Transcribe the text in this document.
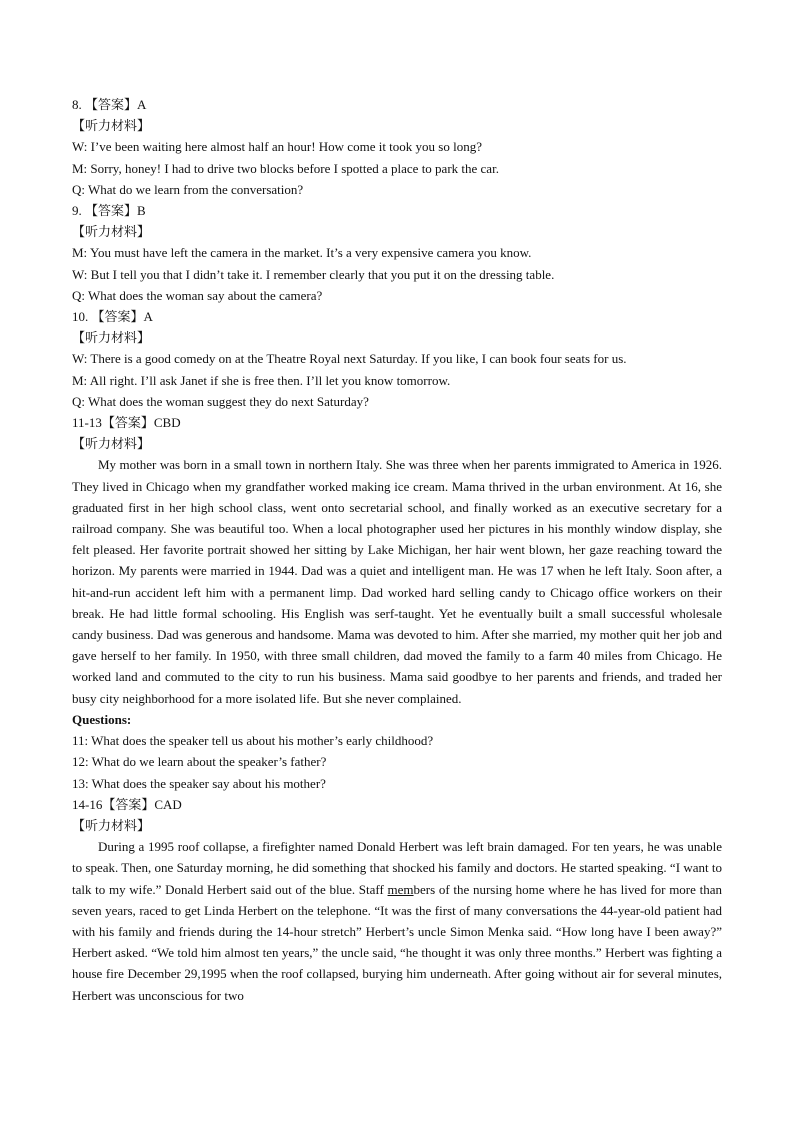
8. 【答案】A
【听力材料】
W: I’ve been waiting here almost half an hour! How come it took you so long?
M: Sorry, honey! I had to drive two blocks before I spotted a place to park the car.
Q: What do we learn from the conversation?
9. 【答案】B
【听力材料】
M: You must have left the camera in the market. It’s a very expensive camera you know.
W: But I tell you that I didn’t take it. I remember clearly that you put it on the dressing table.
Q: What does the woman say about the camera?
10. 【答案】A
【听力材料】
W: There is a good comedy on at the Theatre Royal next Saturday. If you like, I can book four seats for us.
M: All right. I’ll ask Janet if she is free then. I’ll let you know tomorrow.
Q: What does the woman suggest they do next Saturday?
11-13【答案】CBD
【听力材料】

My mother was born in a small town in northern Italy. She was three when her parents immigrated to America in 1926. They lived in Chicago when my grandfather worked making ice cream. Mama thrived in the urban environment. At 16, she graduated first in her high school class, went onto secretarial school, and finally worked as an executive secretary for a railroad company. She was beautiful too. When a local photographer used her pictures in his monthly window display, she felt pleased. Her favorite portrait showed her sitting by Lake Michigan, her hair went blown, her gaze reaching toward the horizon. My parents were married in 1944. Dad was a quiet and intelligent man. He was 17 when he left Italy. Soon after, a hit-and-run accident left him with a permanent limp. Dad worked hard selling candy to Chicago office workers on their break. He had little formal schooling. His English was serf-taught. Yet he eventually built a small successful wholesale candy business. Dad was generous and handsome. Mama was devoted to him. After she married, my mother quit her job and gave herself to her family. In 1950, with three small children, dad moved the family to a farm 40 miles from Chicago. He worked land and commuted to the city to run his business. Mama said goodbye to her parents and friends, and traded her busy city neighborhood for a more isolated life. But she never complained.

Questions:
11: What does the speaker tell us about his mother’s early childhood?
12: What do we learn about the speaker’s father?
13: What does the speaker say about his mother?
14-16【答案】CAD
【听力材料】

During a 1995 roof collapse, a firefighter named Donald Herbert was left brain damaged. For ten years, he was unable to speak. Then, one Saturday morning, he did something that shocked his family and doctors. He started speaking. “I want to talk to my wife.” Donald Herbert said out of the blue. Staff members of the nursing home where he has lived for more than seven years, raced to get Linda Herbert on the telephone. “It was the first of many conversations the 44-year-old patient had with his family and friends during the 14-hour stretch” Herbert’s uncle Simon Menka said. “How long have I been away?” Herbert asked. “We told him almost ten years,” the uncle said, “he thought it was only three months.” Herbert was fighting a house fire December 29,1995 when the roof collapsed, burying him underneath. After going without air for several minutes, Herbert was unconscious for two
